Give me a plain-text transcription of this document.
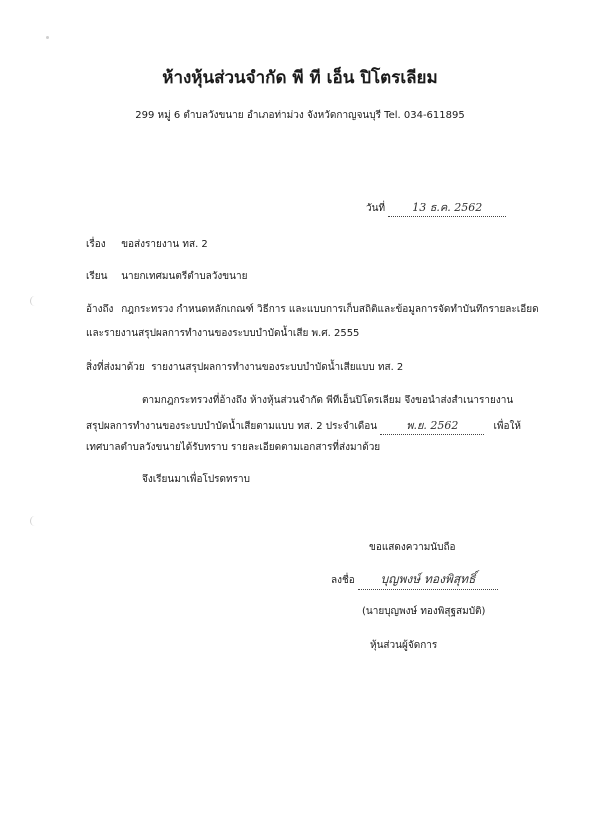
ห้างหุ้นส่วนจำกัด พี ที เอ็น ปิโตรเลียม
299 หมู่ 6 ตำบลวังขนาย อำเภอท่าม่วง จังหวัดกาญจนบุรี Tel. 034-611895
วันที่ 13 ธ.ค. 2562
เรื่อง ขอส่งรายงาน ทส. 2
เรียน นายกเทศมนตรีตำบลวังขนาย
อ้างถึง กฎกระทรวง กำหนดหลักเกณฑ์ วิธีการ และแบบการเก็บสถิติและข้อมูลการจัดทำบันทึกรายละเอียด
และรายงานสรุปผลการทำงานของระบบบำบัดน้ำเสีย พ.ศ. 2555
สิ่งที่ส่งมาด้วย รายงานสรุปผลการทำงานของระบบบำบัดน้ำเสียแบบ ทส. 2
ตามกฎกระทรวงที่อ้างถึง ห้างหุ้นส่วนจำกัด พีทีเอ็นปิโตรเลียม จึงขอนำส่งสำเนารายงาน
สรุปผลการทำงานของระบบบำบัดน้ำเสียตามแบบ ทส. 2 ประจำเดือน	พ.ย. 2562	เพื่อให้
เทศบาลตำบลวังขนายได้รับทราบ รายละเอียดตามเอกสารที่ส่งมาด้วย
จึงเรียนมาเพื่อโปรดทราบ
ขอแสดงความนับถือ
ลงชื่อ บุญพงษ์ ทองพิสุทธิ์
(นายบุญพงษ์ ทองพิสุฐสมบัติ)
หุ้นส่วนผู้จัดการ
